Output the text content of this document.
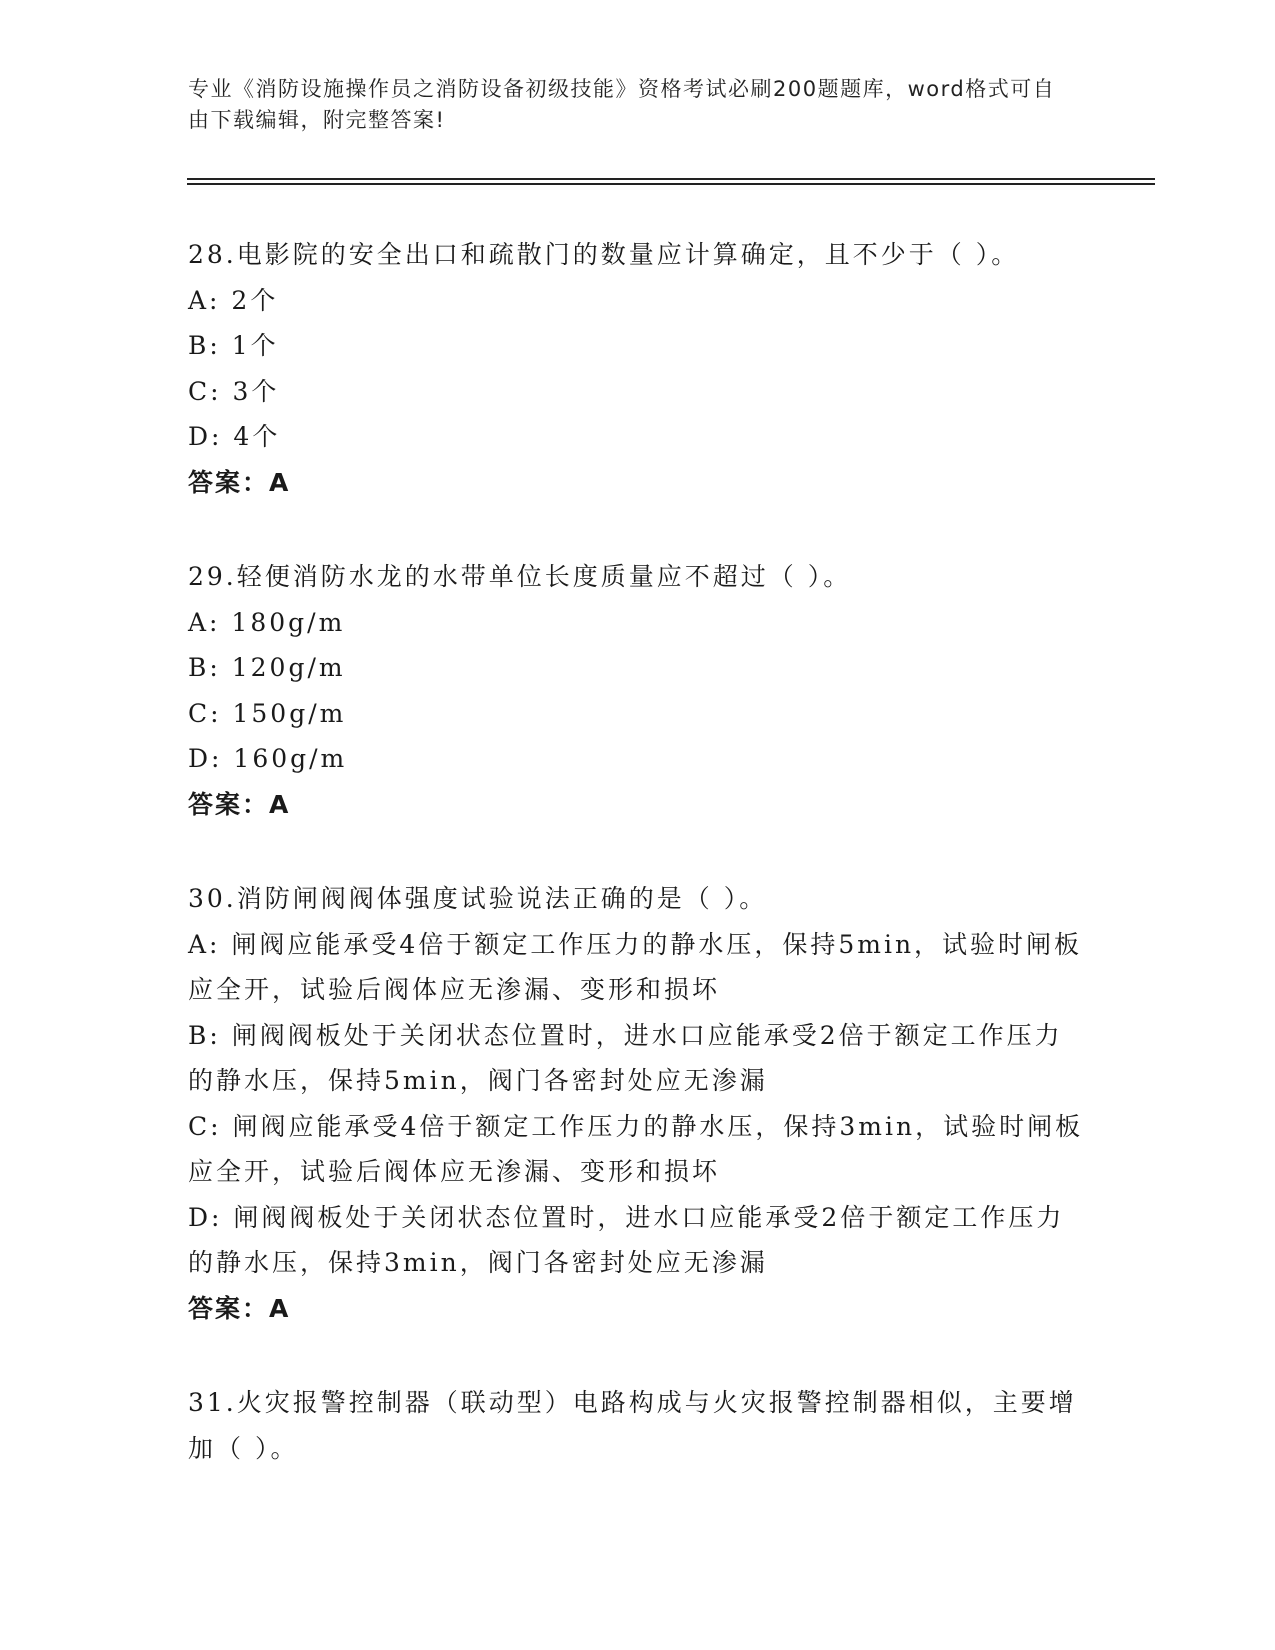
专业《消防设施操作员之消防设备初级技能》资格考试必刷200题题库，word格式可自由下载编辑，附完整答案!
28.电影院的安全出口和疏散门的数量应计算确定，且不少于（ ）。
A: 2个
B: 1个
C: 3个
D: 4个
答案：A
29.轻便消防水龙的水带单位长度质量应不超过（ ）。
A: 180g/m
B: 120g/m
C: 150g/m
D: 160g/m
答案：A
30.消防闸阀阀体强度试验说法正确的是（ ）。
A: 闸阀应能承受4倍于额定工作压力的静水压，保持5min，试验时闸板应全开，试验后阀体应无渗漏、变形和损坏
B: 闸阀阀板处于关闭状态位置时，进水口应能承受2倍于额定工作压力的静水压，保持5min，阀门各密封处应无渗漏
C: 闸阀应能承受4倍于额定工作压力的静水压，保持3min，试验时闸板应全开，试验后阀体应无渗漏、变形和损坏
D: 闸阀阀板处于关闭状态位置时，进水口应能承受2倍于额定工作压力的静水压，保持3min，阀门各密封处应无渗漏
答案：A
31.火灾报警控制器（联动型）电路构成与火灾报警控制器相似，主要增加（ ）。
